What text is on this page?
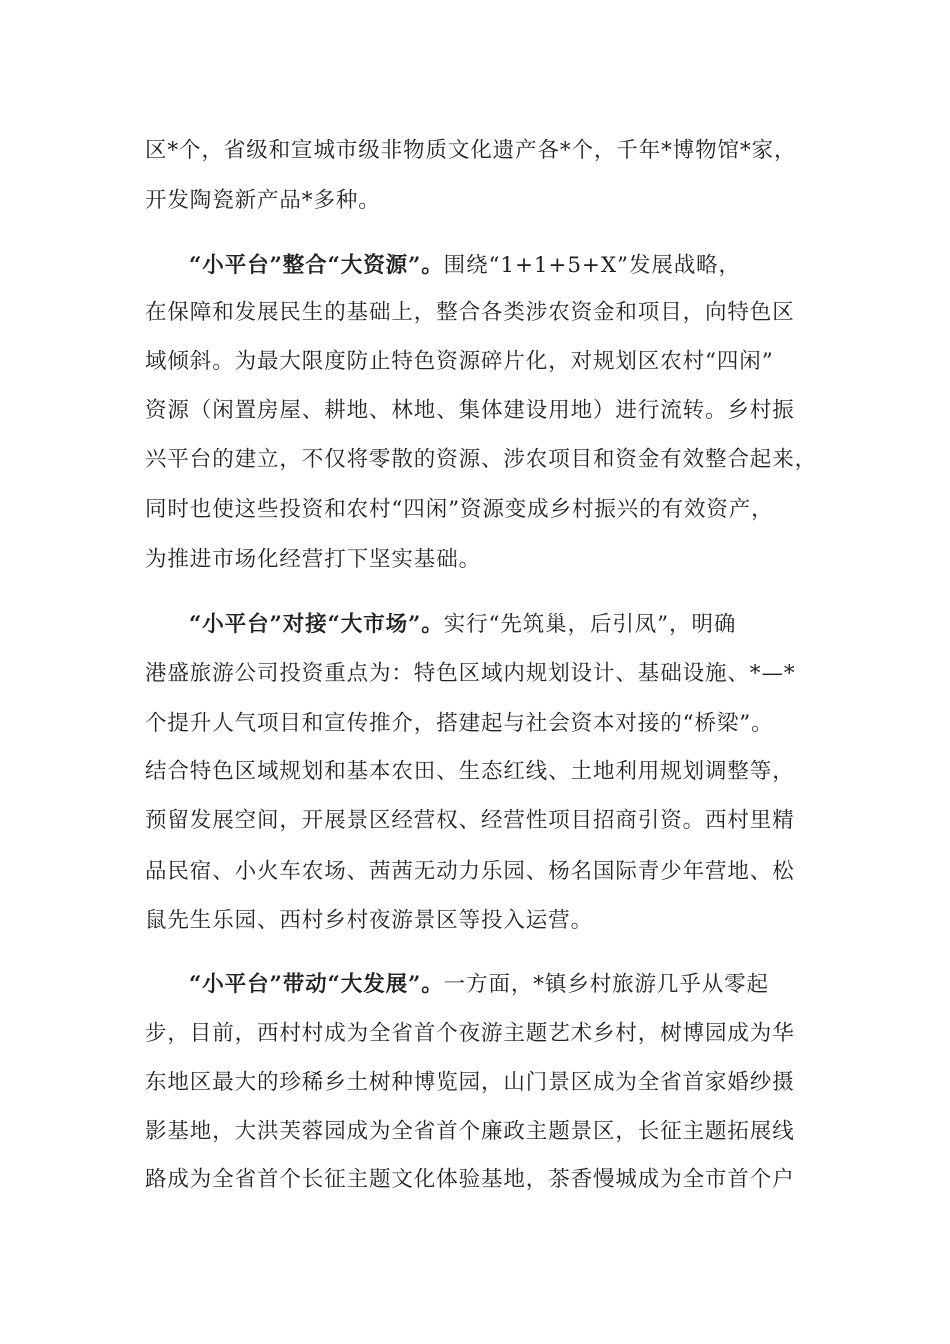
区*个，省级和宣城市级非物质文化遗产各*个，千年*博物馆*家，
开发陶瓷新产品*多种。
“小平台”整合“大资源”。围绕“1+1+5+X”发展战略，
在保障和发展民生的基础上，整合各类涉农资金和项目，向特色区
域倾斜。为最大限度防止特色资源碎片化，对规划区农村“四闲”
资源（闲置房屋、耕地、林地、集体建设用地）进行流转。乡村振
兴平台的建立，不仅将零散的资源、涉农项目和资金有效整合起来，
同时也使这些投资和农村“四闲”资源变成乡村振兴的有效资产，
为推进市场化经营打下坚实基础。
“小平台”对接“大市场”。实行“先筑巢，后引凤”，明确
港盛旅游公司投资重点为：特色区域内规划设计、基础设施、*—*
个提升人气项目和宣传推介，搭建起与社会资本对接的“桥梁”。
结合特色区域规划和基本农田、生态红线、土地利用规划调整等，
预留发展空间，开展景区经营权、经营性项目招商引资。西村里精
品民宿、小火车农场、茜茜无动力乐园、杨名国际青少年营地、松
鼠先生乐园、西村乡村夜游景区等投入运营。
“小平台”带动“大发展”。一方面，*镇乡村旅游几乎从零起
步，目前，西村村成为全省首个夜游主题艺术乡村，树博园成为华
东地区最大的珍稀乡土树种博览园，山门景区成为全省首家婚纱摄
影基地，大洪芙蓉园成为全省首个廉政主题景区，长征主题拓展线
路成为全省首个长征主题文化体验基地，茶香慢城成为全市首个户
